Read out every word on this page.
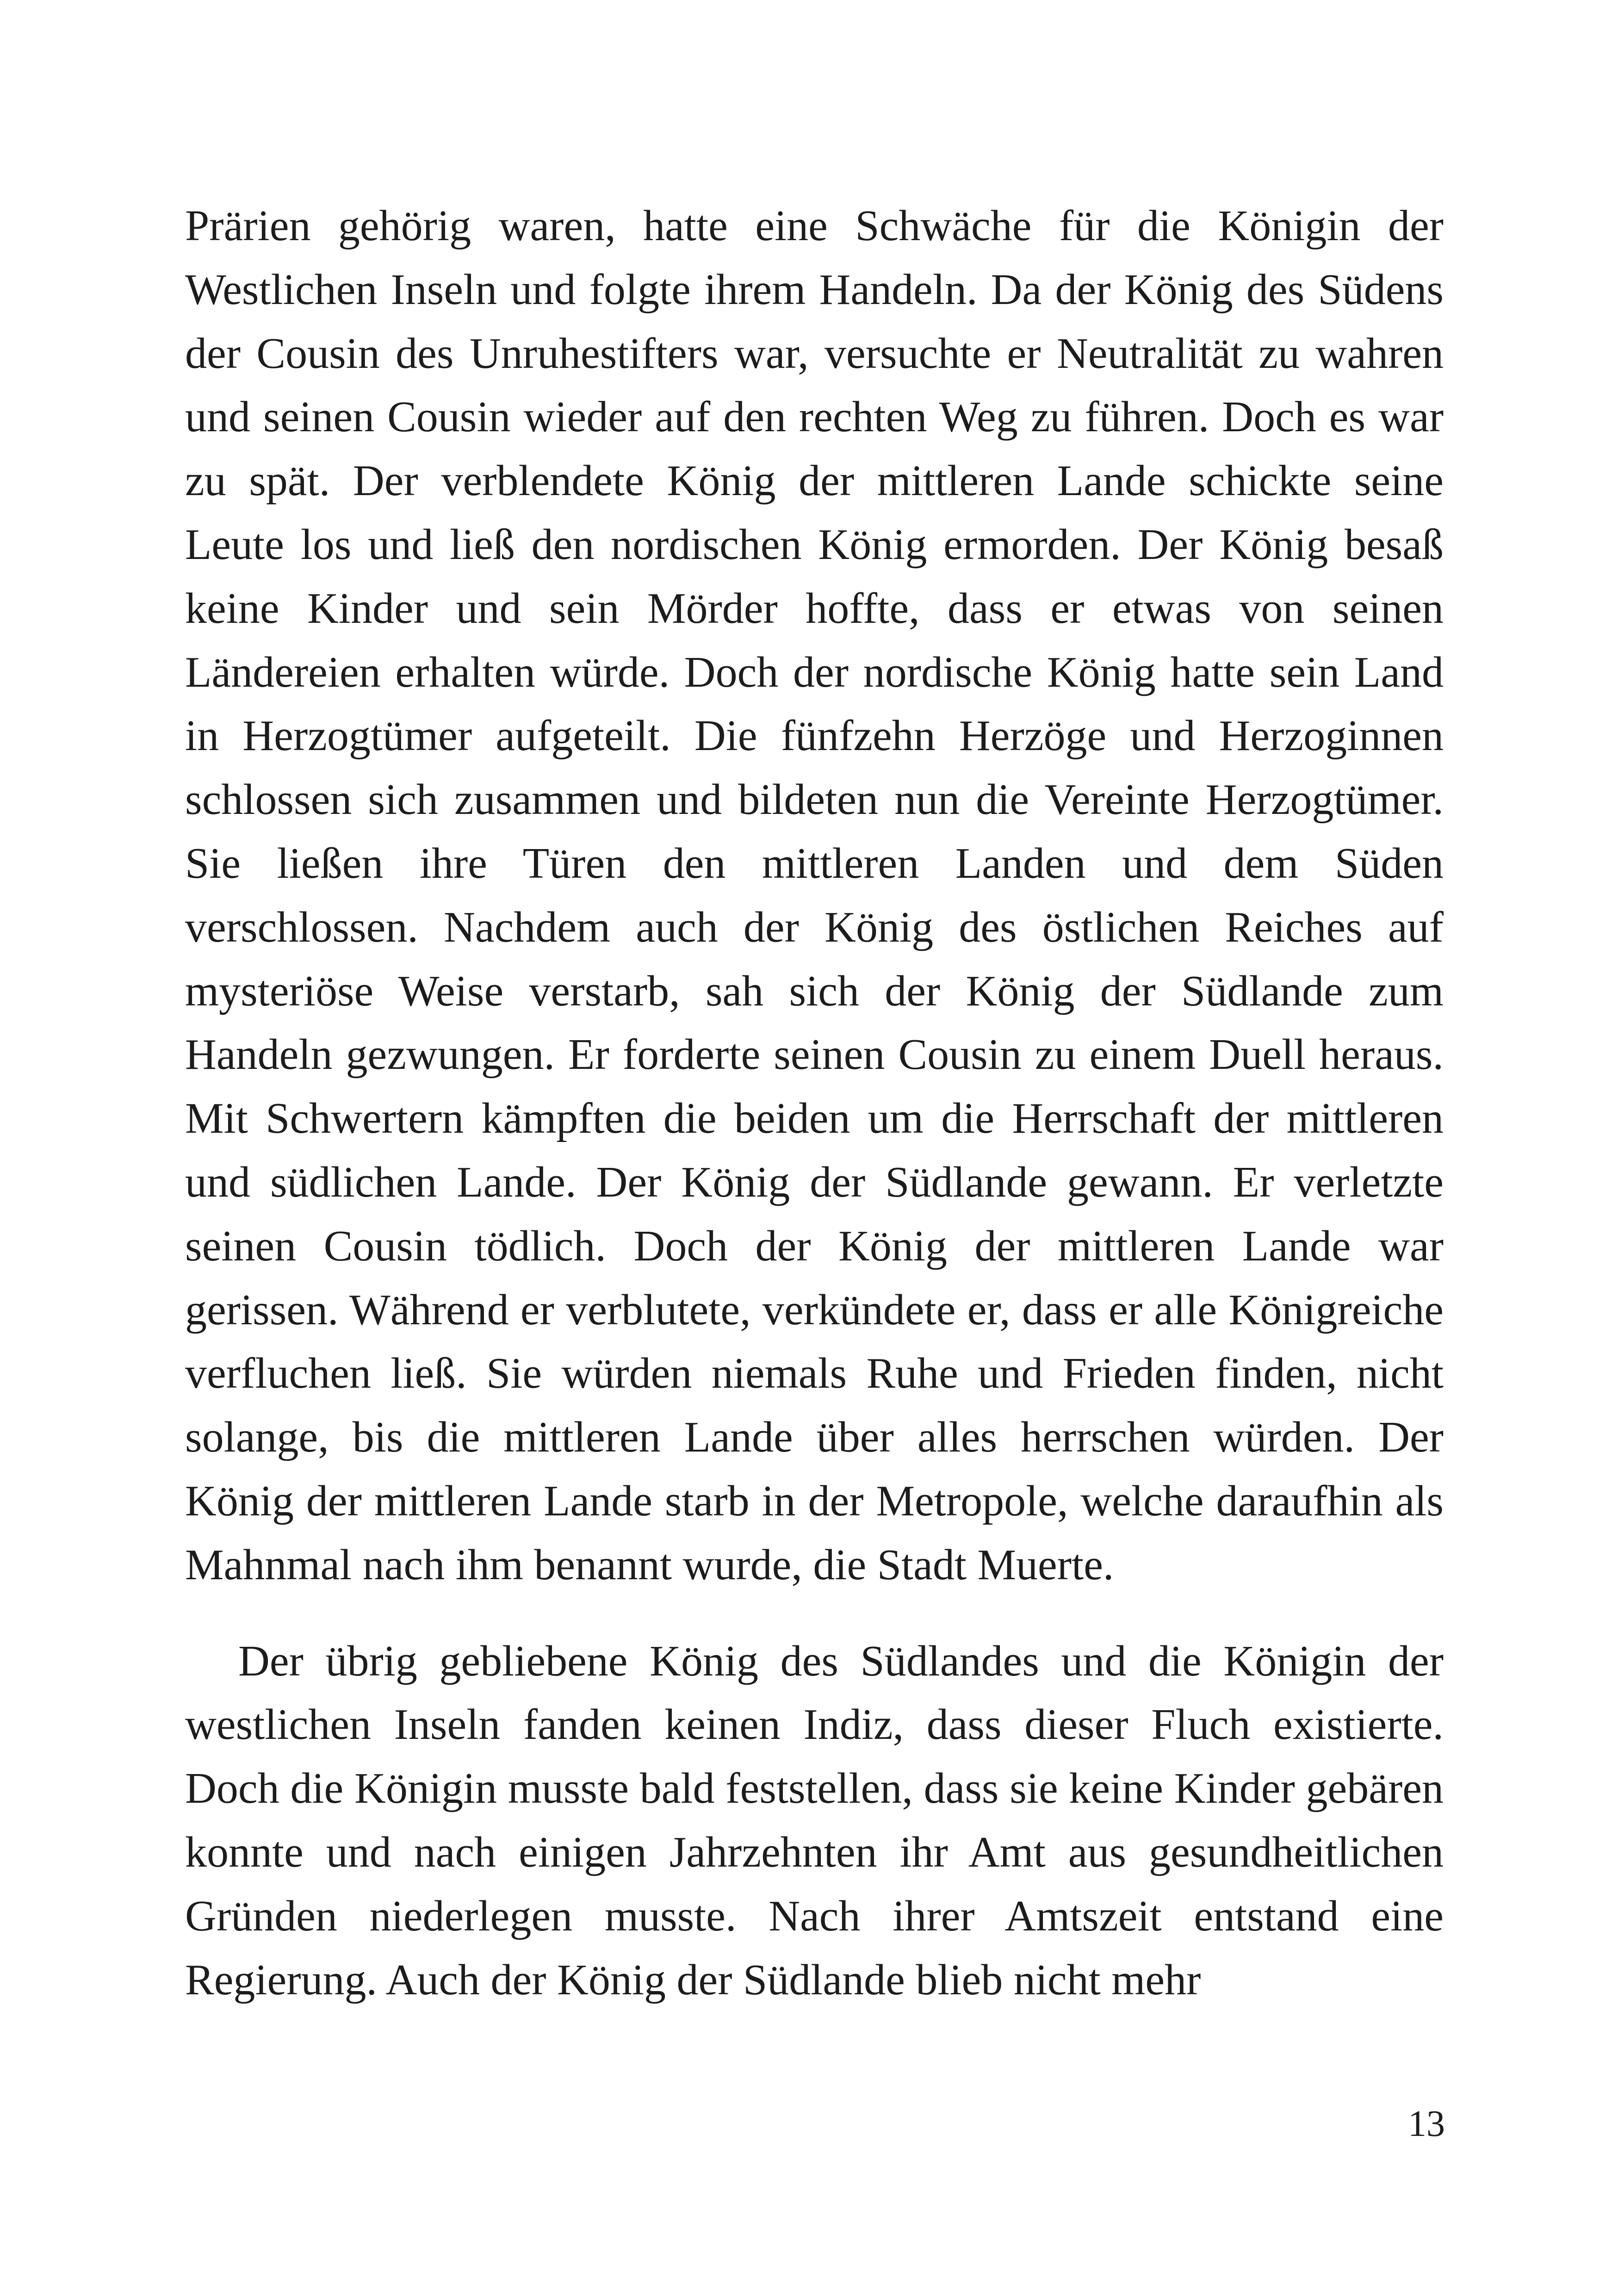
Prärien gehörig waren, hatte eine Schwäche für die Königin der Westlichen Inseln und folgte ihrem Handeln. Da der König des Südens der Cousin des Unruhestifters war, versuchte er Neutralität zu wahren und seinen Cousin wieder auf den rechten Weg zu führen. Doch es war zu spät. Der verblendete König der mittleren Lande schickte seine Leute los und ließ den nordischen König ermorden. Der König besaß keine Kinder und sein Mörder hoffte, dass er etwas von seinen Ländereien erhalten würde. Doch der nordische König hatte sein Land in Herzogtümer aufgeteilt. Die fünfzehn Herzöge und Herzoginnen schlossen sich zusammen und bildeten nun die Vereinte Herzogtümer. Sie ließen ihre Türen den mittleren Landen und dem Süden verschlossen. Nachdem auch der König des östlichen Reiches auf mysteriöse Weise verstarb, sah sich der König der Südlande zum Handeln gezwungen. Er forderte seinen Cousin zu einem Duell heraus. Mit Schwertern kämpften die beiden um die Herrschaft der mittleren und südlichen Lande. Der König der Südlande gewann. Er verletzte seinen Cousin tödlich. Doch der König der mittleren Lande war gerissen. Während er verblutete, verkündete er, dass er alle Königreiche verfluchen ließ. Sie würden niemals Ruhe und Frieden finden, nicht solange, bis die mittleren Lande über alles herrschen würden. Der König der mittleren Lande starb in der Metropole, welche daraufhin als Mahnmal nach ihm benannt wurde, die Stadt Muerte.

Der übrig gebliebene König des Südlandes und die Königin der westlichen Inseln fanden keinen Indiz, dass dieser Fluch existierte. Doch die Königin musste bald feststellen, dass sie keine Kinder gebären konnte und nach einigen Jahrzehnten ihr Amt aus gesundheitlichen Gründen niederlegen musste. Nach ihrer Amtszeit entstand eine Regierung. Auch der König der Südlande blieb nicht mehr

13
